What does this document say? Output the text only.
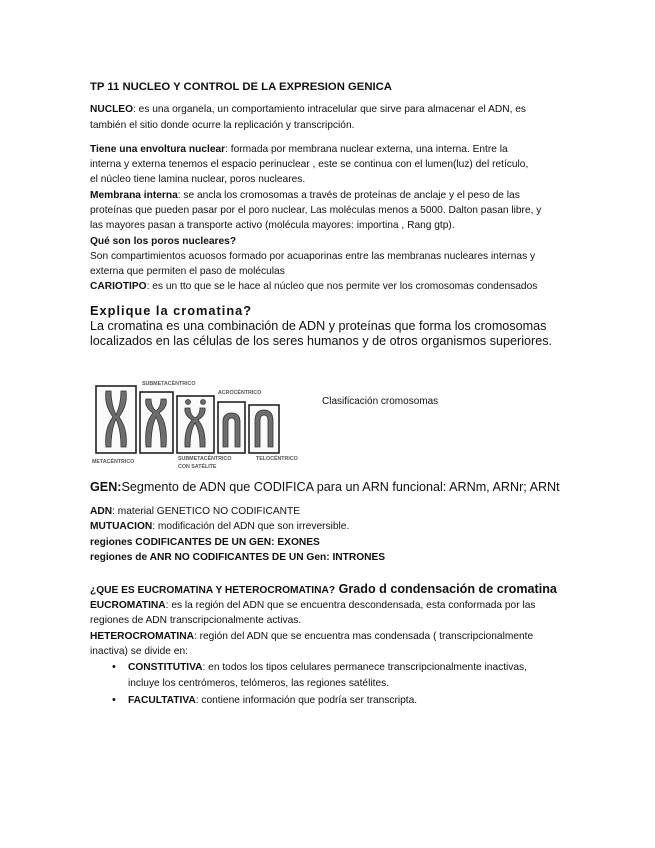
TP 11 NUCLEO Y CONTROL DE LA EXPRESION GENICA
NUCLEO: es una organela, un comportamiento intracelular que sirve para almacenar el ADN, es
también el sitio donde ocurre la replicación y transcripción.
Tiene una envoltura nuclear: formada por membrana nuclear externa, una interna. Entre la
interna y externa tenemos el espacio perinuclear , este se continua con el lumen(luz) del retículo,
el núcleo tiene lamina nuclear, poros nucleares.
Membrana interna: se ancla los cromosomas a través de proteínas de anclaje y el peso de las
proteínas que pueden pasar por el poro nuclear, Las moléculas menos a 5000. Dalton pasan libre, y
las mayores pasan a transporte activo (molécula mayores: importina , Rang gtp).
Qué son los poros nucleares?
Son compartimientos acuosos formado por acuaporinas entre las membranas nucleares internas y
externa que permiten el paso de moléculas
CARIOTIPO: es un tto que se le hace al núcleo que nos permite ver los cromosomas condensados
Explique la cromatina?
La cromatina es una combinación de ADN y proteínas que forma los cromosomas
localizados en las células de los seres humanos y de otros organismos superiores.
SUBMETACÉNTRICO
ACROCÉNTRICO
METACÉNTRICO	SUBMETACÉNTRICO
CON SATÉLITE
TELOCÉNTRICO
Clasificación cromosomas
GEN:Segmento de ADN que CODIFICA para un ARN funcional: ARNm, ARNr; ARNt
ADN: material GENETICO NO CODIFICANTE
MUTUACION: modificación del ADN que son irreversible.
regiones CODIFICANTES DE UN GEN: EXONES
regiones de ANR NO CODIFICANTES DE UN Gen: INTRONES
¿QUE ES EUCROMATINA Y HETEROCROMATINA? Grado d condensación de cromatina
EUCROMATINA: es la región del ADN que se encuentra descondensada, esta conformada por las
regiones de ADN transcripcionalmente activas.
HETEROCROMATINA: región del ADN que se encuentra mas condensada ( transcripcionalmente
inactiva) se divide en:
• CONSTITUTIVA: en todos los tipos celulares permanece transcripcionalmente inactivas,
incluye los centrómeros, telómeros, las regiones satélites.
• FACULTATIVA: contiene información que podría ser transcripta.
